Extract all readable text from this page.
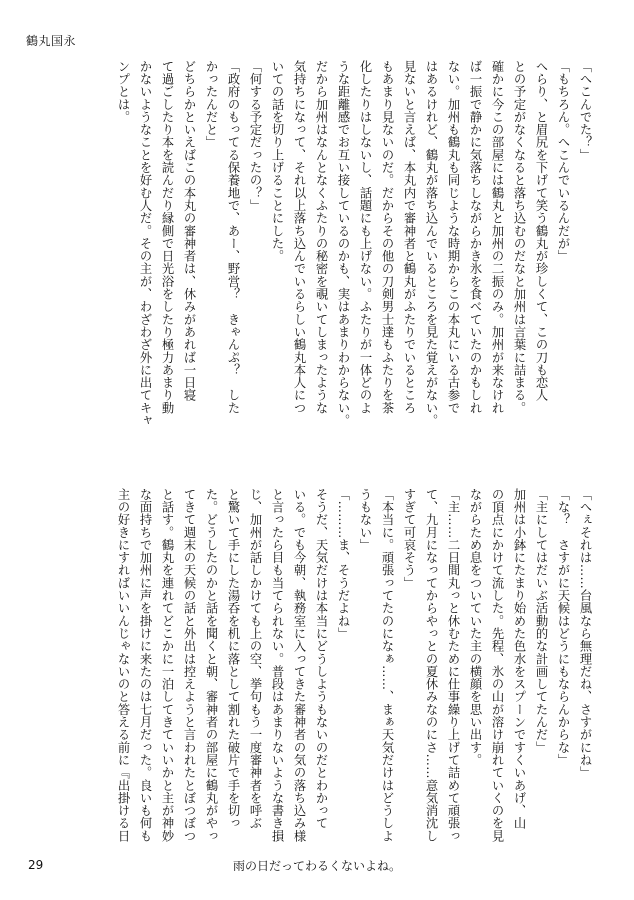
鶴丸国永

「へこんでた？」

「もちろん。へこんでいるんだが」

へらり、と眉尻を下げて笑う鶴丸が珍しくて、この刀も恋人

との予定がなくなると落ち込むのだなと加州は言葉に詰まる。

確かに今この部屋には鶴丸と加州の二振のみ。加州が来なけれ

ば一振で静かに気落ちしながらかき氷を食べていたのかもしれ

ない。加州も鶴丸も同じような時期からこの本丸にいる古参で

はあるけれど、鶴丸が落ち込んでいるところを見た覚えがない。

見ないと言えば、本丸内で審神者と鶴丸がふたりでいるところ

もあまり見ないのだ。だからその他の刀剣男士達もふたりを茶

化したりはしないし、話題にも上げない。ふたりが一体どのよ

うな距離感でお互い接しているのかも、実はあまりわからない。

だから加州はなんとなくふたりの秘密を覗いてしまったような

気持ちになって、それ以上落ち込んでいるらしい鶴丸本人につ

いての話を切り上げることにした。

「何する予定だったの？」

「政府のもってる保養地で、あー、野営？　きゃんぷ？　した

かったんだと」

どちらかといえばこの本丸の審神者は、休みがあれば一日寝

て過ごしたり本を読んだり縁側で日光浴をしたり極力あまり動

かないようなことを好む人だ。その主が、わざわざ外に出てキャ

ンプとは。

「へぇそれは……台風なら無理だね、さすがにね」

「な？　さすがに天候はどうにもならんからな」

「主にしてはだいぶ活動的な計画してたんだ」

加州は小鉢にたまり始めた色水をスプーンですくいあげ、山

の頂点にかけて流した。先程、氷の山が溶け崩れていくのを見

ながらため息をついていた主の横顔を思い出す。

「主……二日間丸っと休むために仕事繰り上げて詰めて頑張っ

て、九月になってからやっとの夏休みなのにさ……意気消沈し

すぎて可哀そう」

「本当に。頑張ってたのになぁ……、まぁ天気だけはどうしよ

うもない」

「………ま、そうだよね」

そうだ、天気だけは本当にどうしようもないのだとわかって

いる。でも今朝、執務室に入ってきた審神者の気の落ち込み様

と言ったら目も当てられない。普段はあまりないような書き損

じ、加州が話しかけても上の空、挙句もう一度審神者を呼ぶ

と驚いて手にした湯呑を机に落として割れた破片で手を切っ

た。どうしたのかと話を聞くと朝、審神者の部屋に鶴丸がやっ

てきて週末の天候の話と外出は控えようと言われたとぼつぼつ

と話す。鶴丸を連れてどこかに一泊してきていいかと主が神妙

な面持ちで加州に声を掛けに来たのは七月だった。良いも何も

主の好きにすればいいんじゃないのと答える前に『出掛ける日

29	雨の日だってわるくないよね。
